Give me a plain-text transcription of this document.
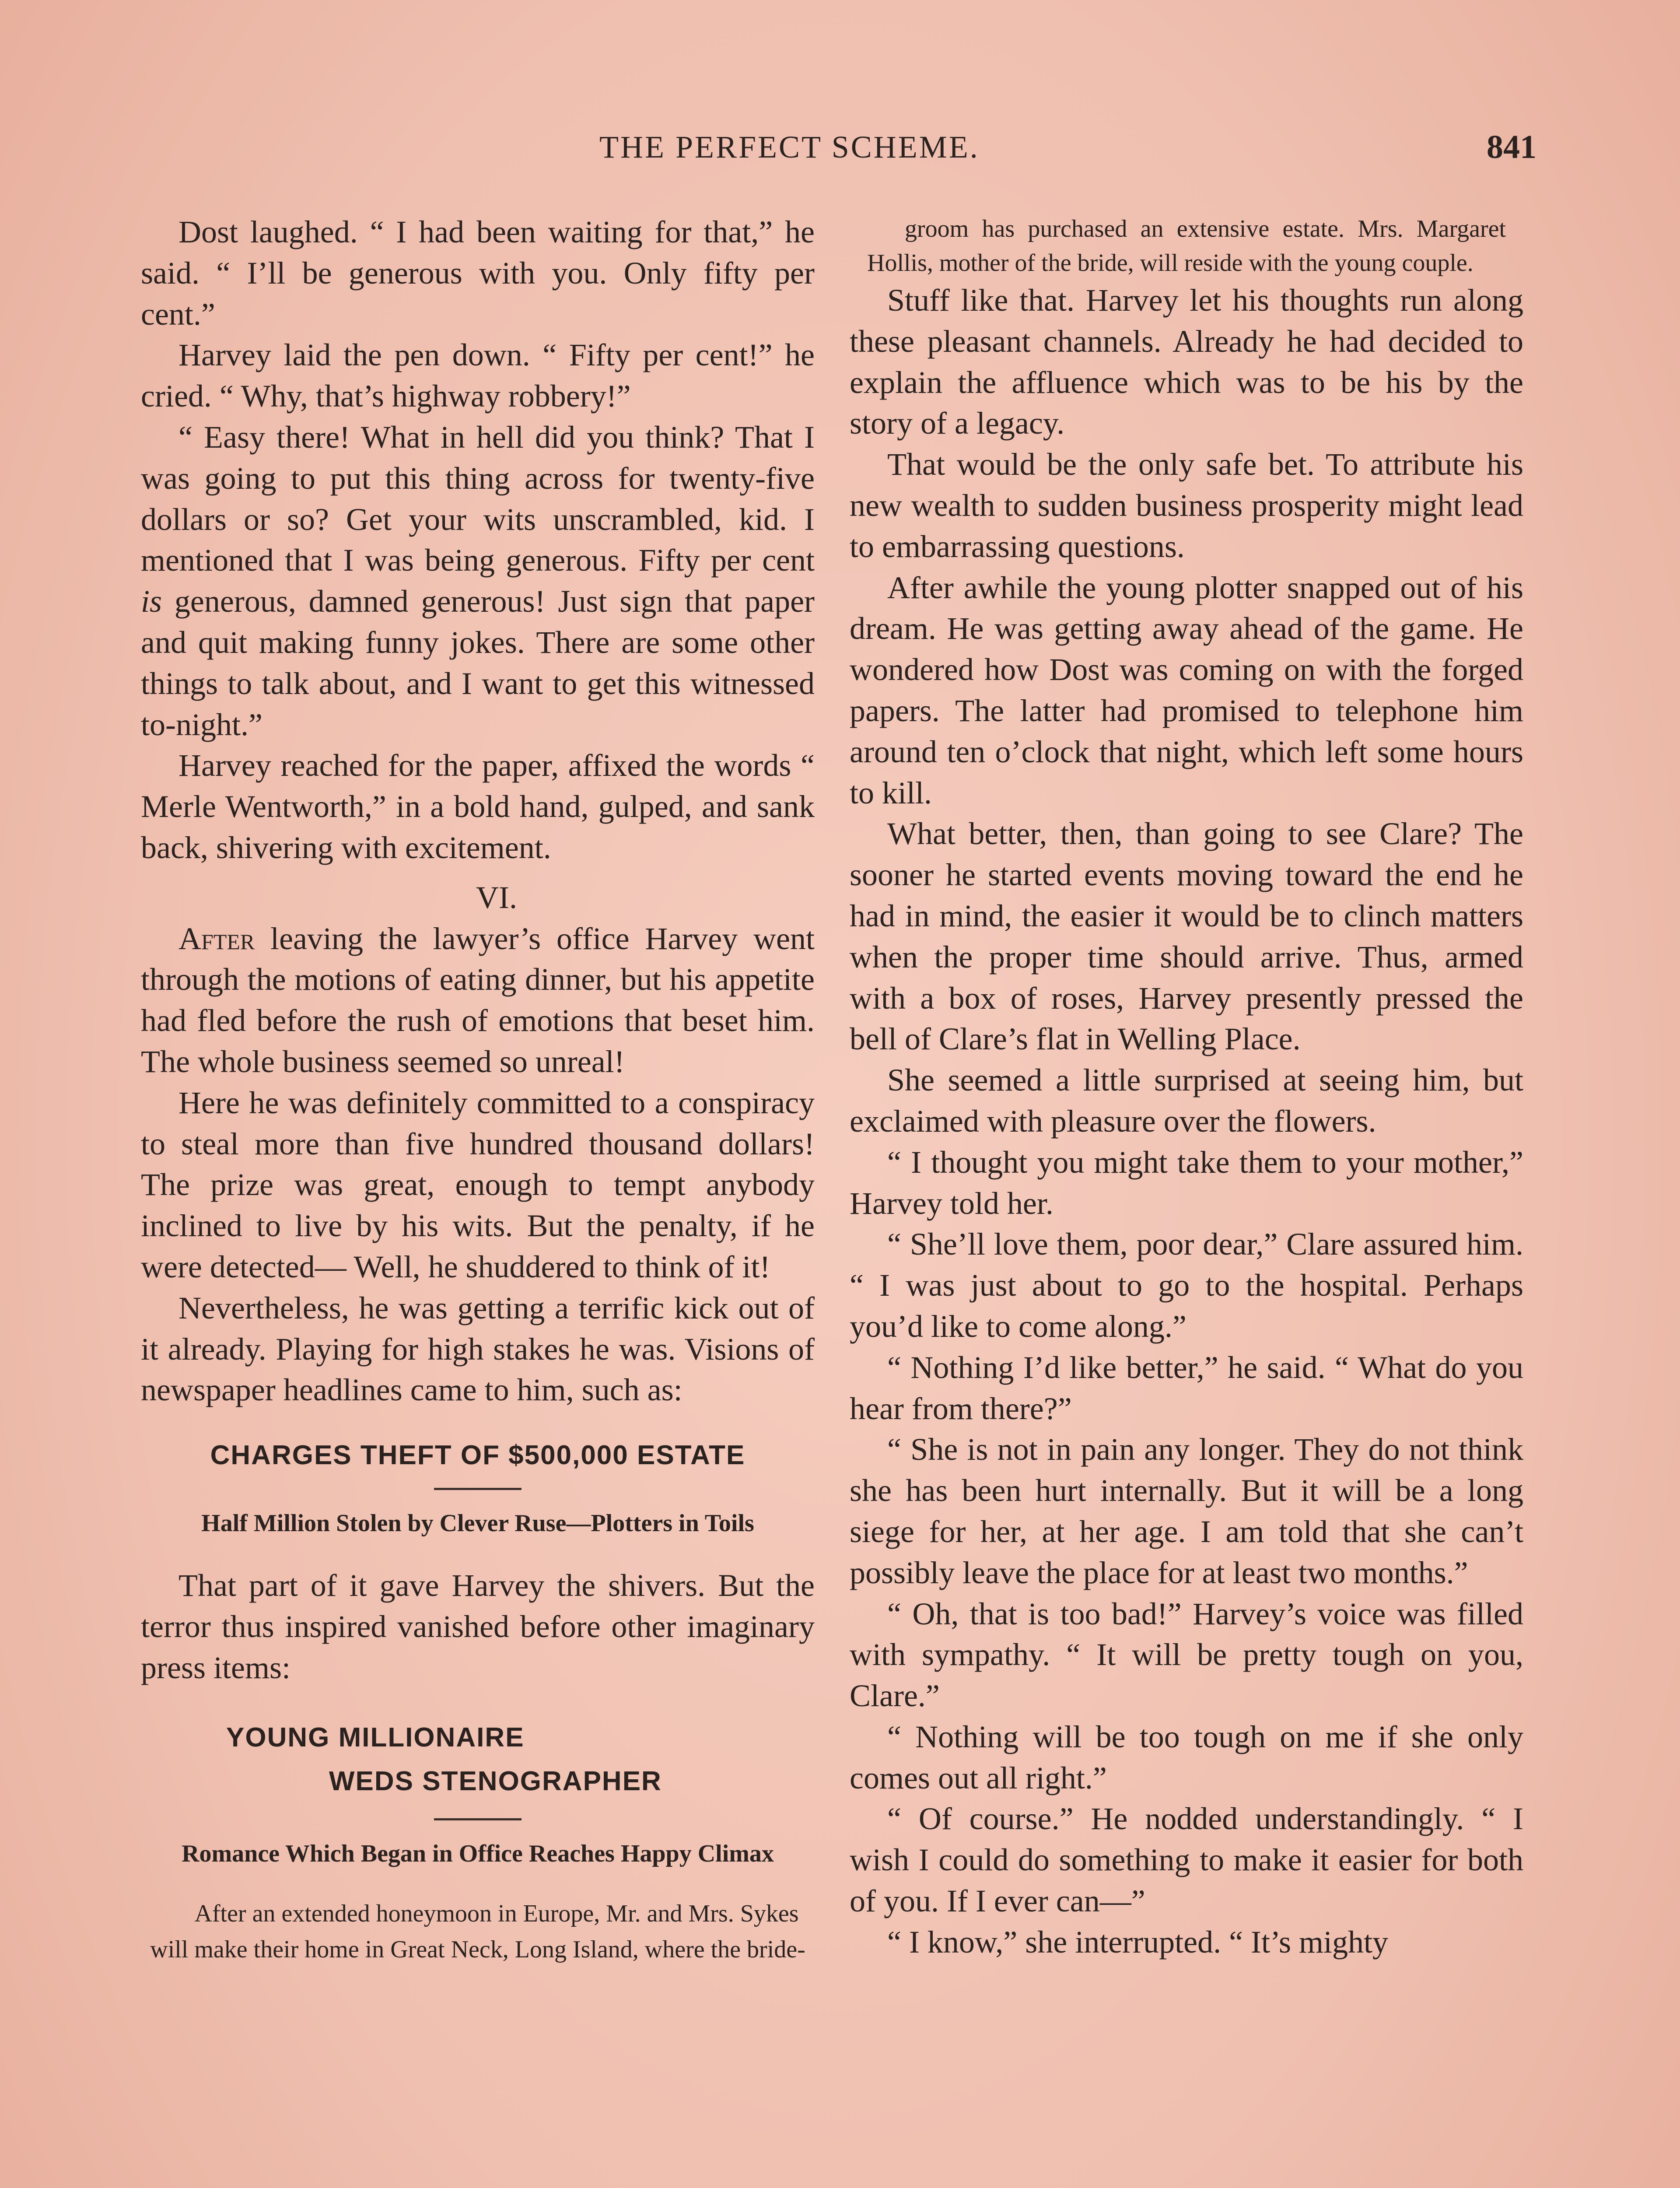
THE PERFECT SCHEME.	841

Dost laughed. “ I had been waiting for that,” he said. “ I’ll be generous with you. Only fifty per cent.”

Harvey laid the pen down. “ Fifty per cent!” he cried. “ Why, that’s highway robbery!”

“ Easy there! What in hell did you think? That I was going to put this thing across for twenty-five dollars or so? Get your wits unscrambled, kid. I mentioned that I was being generous. Fifty per cent is generous, damned generous! Just sign that paper and quit making funny jokes. There are some other things to talk about, and I want to get this witnessed to-night.”

Harvey reached for the paper, affixed the words “ Merle Wentworth,” in a bold hand, gulped, and sank back, shivering with excitement.

VI.

After leaving the lawyer’s office Harvey went through the motions of eating dinner, but his appetite had fled before the rush of emotions that beset him. The whole business seemed so unreal!

Here he was definitely committed to a conspiracy to steal more than five hundred thousand dollars! The prize was great, enough to tempt anybody inclined to live by his wits. But the penalty, if he were detected— Well, he shuddered to think of it!

Nevertheless, he was getting a terrific kick out of it already. Playing for high stakes he was. Visions of newspaper headlines came to him, such as:

CHARGES THEFT OF $500,000 ESTATE
Half Million Stolen by Clever Ruse—Plotters in Toils

That part of it gave Harvey the shivers. But the terror thus inspired vanished before other imaginary press items:

YOUNG MILLIONAIRE
WEDS STENOGRAPHER
Romance Which Began in Office Reaches Happy Climax

After an extended honeymoon in Europe, Mr. and Mrs. Sykes will make their home in Great Neck, Long Island, where the bride-

groom has purchased an extensive estate. Mrs. Margaret Hollis, mother of the bride, will reside with the young couple.

Stuff like that. Harvey let his thoughts run along these pleasant channels. Already he had decided to explain the affluence which was to be his by the story of a legacy.

That would be the only safe bet. To attribute his new wealth to sudden business prosperity might lead to embarrassing questions.

After awhile the young plotter snapped out of his dream. He was getting away ahead of the game. He wondered how Dost was coming on with the forged papers. The latter had promised to telephone him around ten o’clock that night, which left some hours to kill.

What better, then, than going to see Clare? The sooner he started events moving toward the end he had in mind, the easier it would be to clinch matters when the proper time should arrive. Thus, armed with a box of roses, Harvey presently pressed the bell of Clare’s flat in Welling Place.

She seemed a little surprised at seeing him, but exclaimed with pleasure over the flowers.

“ I thought you might take them to your mother,” Harvey told her.

“ She’ll love them, poor dear,” Clare assured him. “ I was just about to go to the hospital. Perhaps you’d like to come along.”

“ Nothing I’d like better,” he said. “ What do you hear from there?”

“ She is not in pain any longer. They do not think she has been hurt internally. But it will be a long siege for her, at her age. I am told that she can’t possibly leave the place for at least two months.”

“ Oh, that is too bad!” Harvey’s voice was filled with sympathy. “ It will be pretty tough on you, Clare.”

“ Nothing will be too tough on me if she only comes out all right.”

“ Of course.” He nodded understandingly. “ I wish I could do something to make it easier for both of you. If I ever can—”

“ I know,” she interrupted. “ It’s mighty
